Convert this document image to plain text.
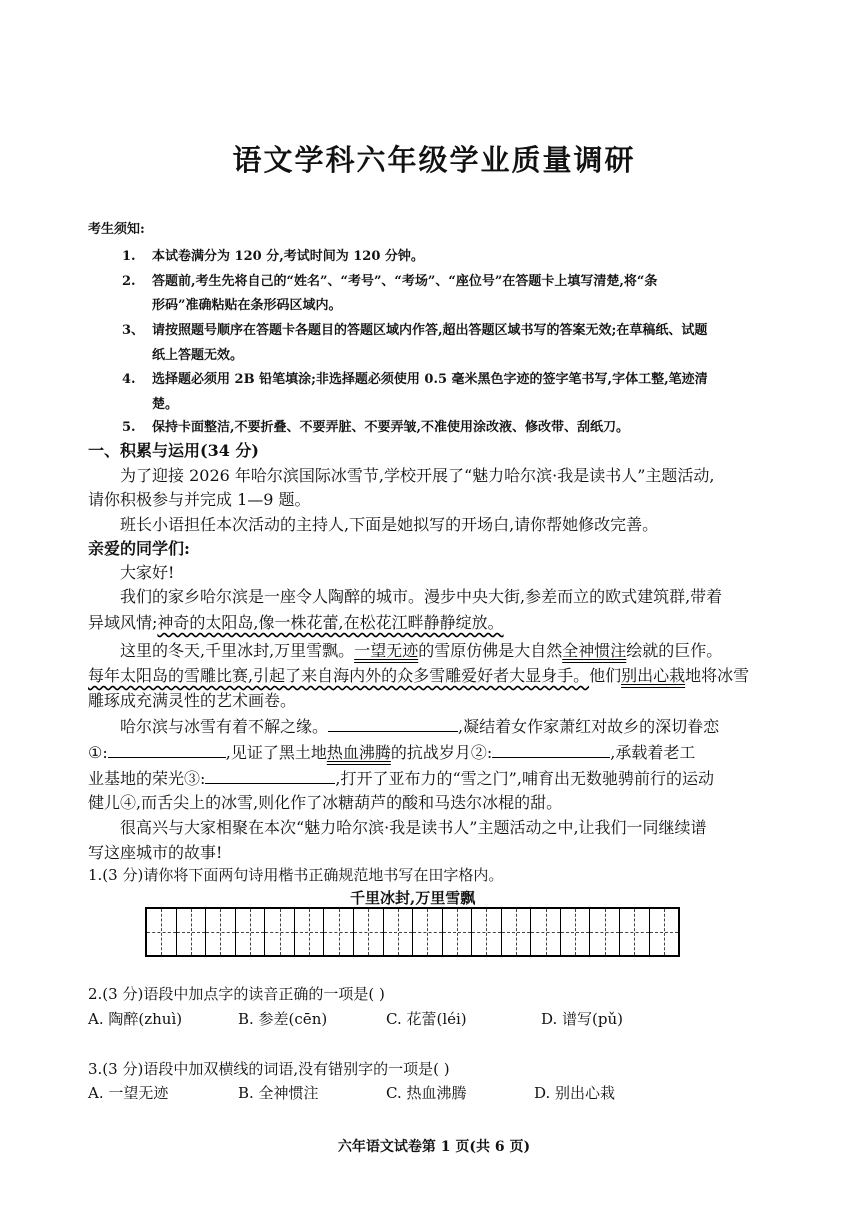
语文学科六年级学业质量调研
考生须知:
1. 本试卷满分为 120 分,考试时间为 120 分钟。
2. 答题前,考生先将自己的“姓名”、“考号”、“考场”、“座位号”在答题卡上填写清楚,将“条
形码”准确粘贴在条形码区域内。
3、 请按照题号顺序在答题卡各题目的答题区域内作答,超出答题区域书写的答案无效;在草稿纸、试题
纸上答题无效。
4. 选择题必须用 2B 铅笔填涂;非选择题必须使用 0.5 毫米黑色字迹的签字笔书写,字体工整,笔迹清
楚。
5. 保持卡面整洁,不要折叠、不要弄脏、不要弄皱,不准使用涂改液、修改带、刮纸刀。
一、积累与运用(34 分)
为了迎接 2026 年哈尔滨国际冰雪节,学校开展了“魅力哈尔滨·我是读书人”主题活动,
请你积极参与并完成 1—9 题。
班长小语担任本次活动的主持人,下面是她拟写的开场白,请你帮她修改完善。
亲爱的同学们:
大家好!
我们的家乡哈尔滨是一座令人陶醉的城市。漫步中央大街,参差而立的欧式建筑群,带着
异域风情;神奇的太阳岛,像一株花蕾,在松花江畔静静绽放。
这里的冬天,千里冰封,万里雪飘。一望无迹的雪原仿佛是大自然全神惯注绘就的巨作。
每年太阳岛的雪雕比赛,引起了来自海内外的众多雪雕爱好者大显身手。他们别出心栽地将冰雪
雕琢成充满灵性的艺术画卷。
哈尔滨与冰雪有着不解之缘。	,凝结着女作家萧红对故乡的深切眷恋
①:	,见证了黑土地热血沸腾的抗战岁月②:	,承载着老工
业基地的荣光③:	,打开了亚布力的“雪之门”,哺育出无数驰骋前行的运动
健儿④,而舌尖上的冰雪,则化作了冰糖葫芦的酸和马迭尔冰棍的甜。
很高兴与大家相聚在本次“魅力哈尔滨·我是读书人”主题活动之中,让我们一同继续谱
写这座城市的故事!
1.(3 分)请你将下面两句诗用楷书正确规范地书写在田字格内。
千里冰封,万里雪飘
2.(3 分)语段中加点字的读音正确的一项是( )
A. 陶醉(zhuì)	B. 参差(cēn)	C. 花蕾(léi)	D. 谱写(pǔ)
3.(3 分)语段中加双横线的词语,没有错别字的一项是( )
A. 一望无迹	B. 全神惯注	C. 热血沸腾	D. 别出心栽
六年语文试卷第 1 页(共 6 页)
